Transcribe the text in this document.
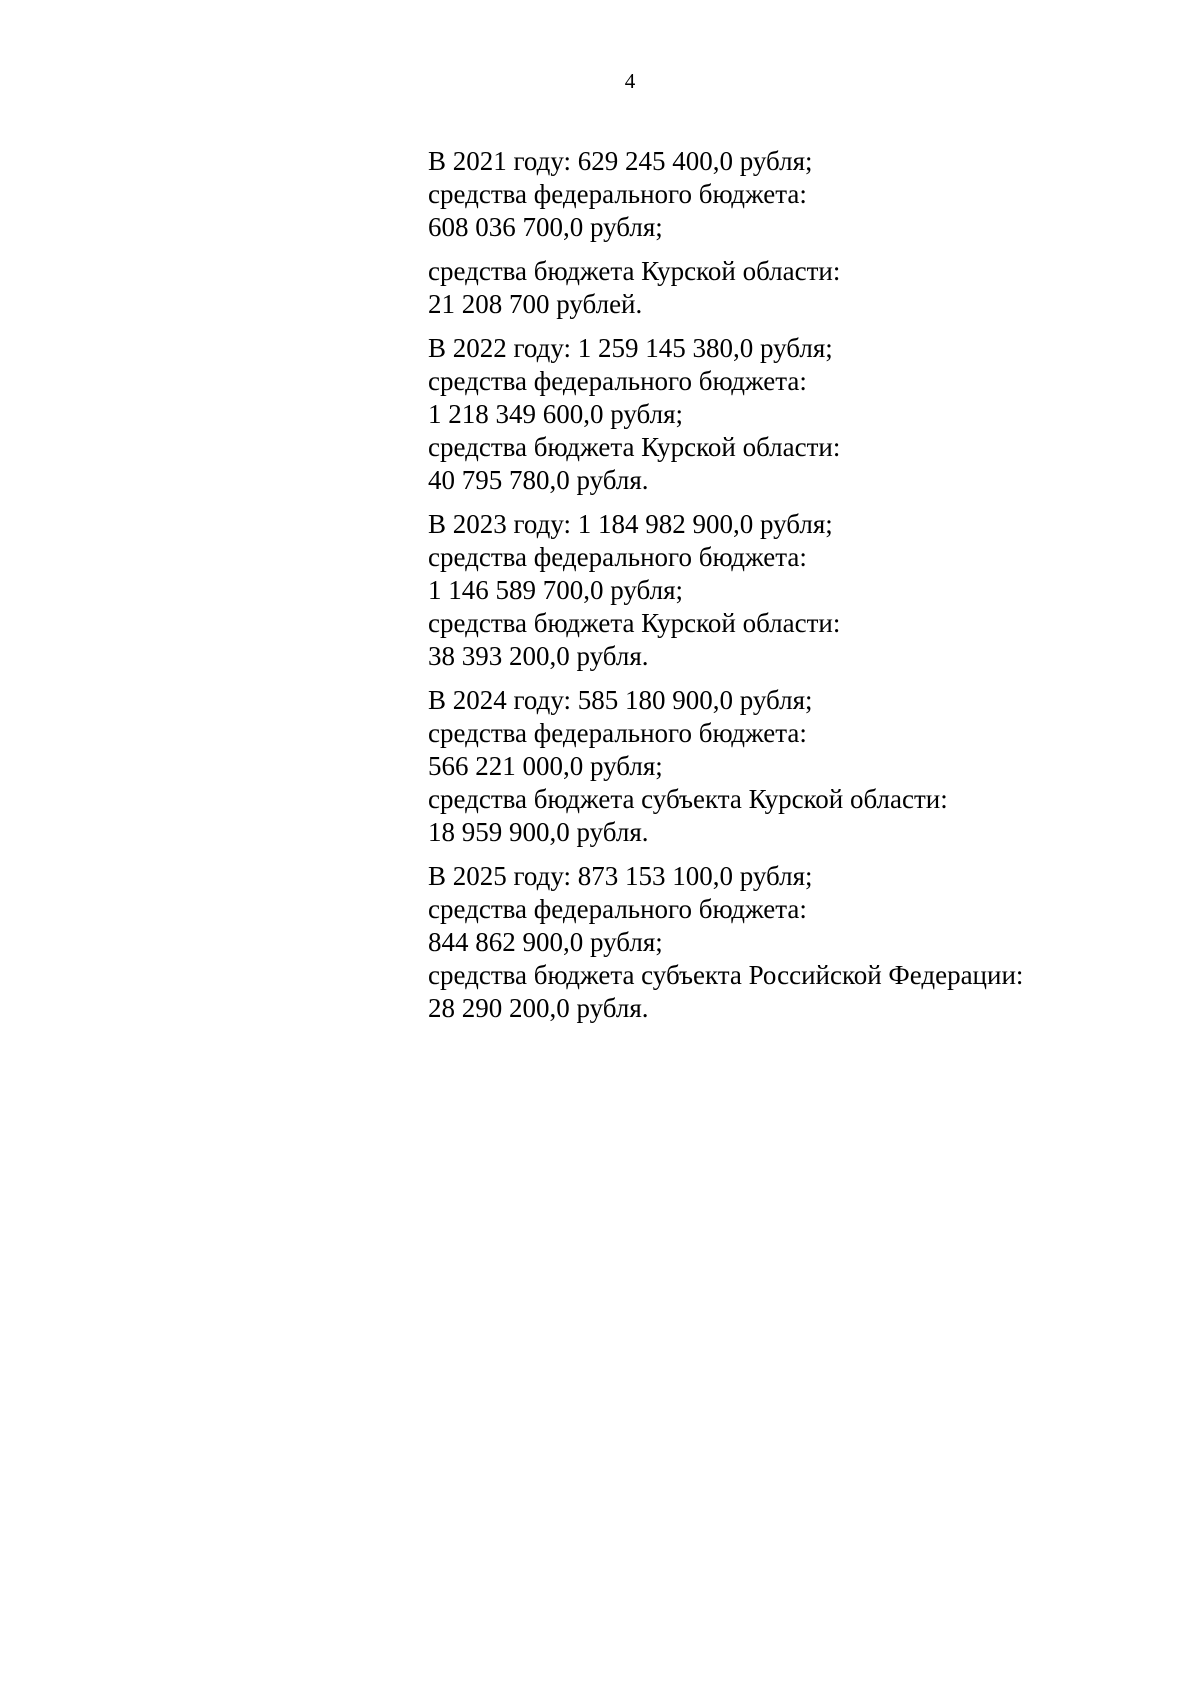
4
В 2021 году: 629 245 400,0 рубля;
средства федерального бюджета:
608 036 700,0 рубля;
средства бюджета Курской области:
21 208 700 рублей.
В 2022 году: 1 259 145 380,0 рубля;
средства федерального бюджета:
1 218 349 600,0 рубля;
средства бюджета Курской области:
40 795 780,0 рубля.
В 2023 году: 1 184 982 900,0 рубля;
средства федерального бюджета:
1 146 589 700,0 рубля;
средства бюджета Курской области:
38 393 200,0 рубля.
В 2024 году: 585 180 900,0 рубля;
средства федерального бюджета:
566 221 000,0 рубля;
средства бюджета субъекта Курской области:
18 959 900,0 рубля.
В 2025 году: 873 153 100,0 рубля;
средства федерального бюджета:
844 862 900,0 рубля;
средства бюджета субъекта Российской Федерации:
28 290 200,0 рубля.
